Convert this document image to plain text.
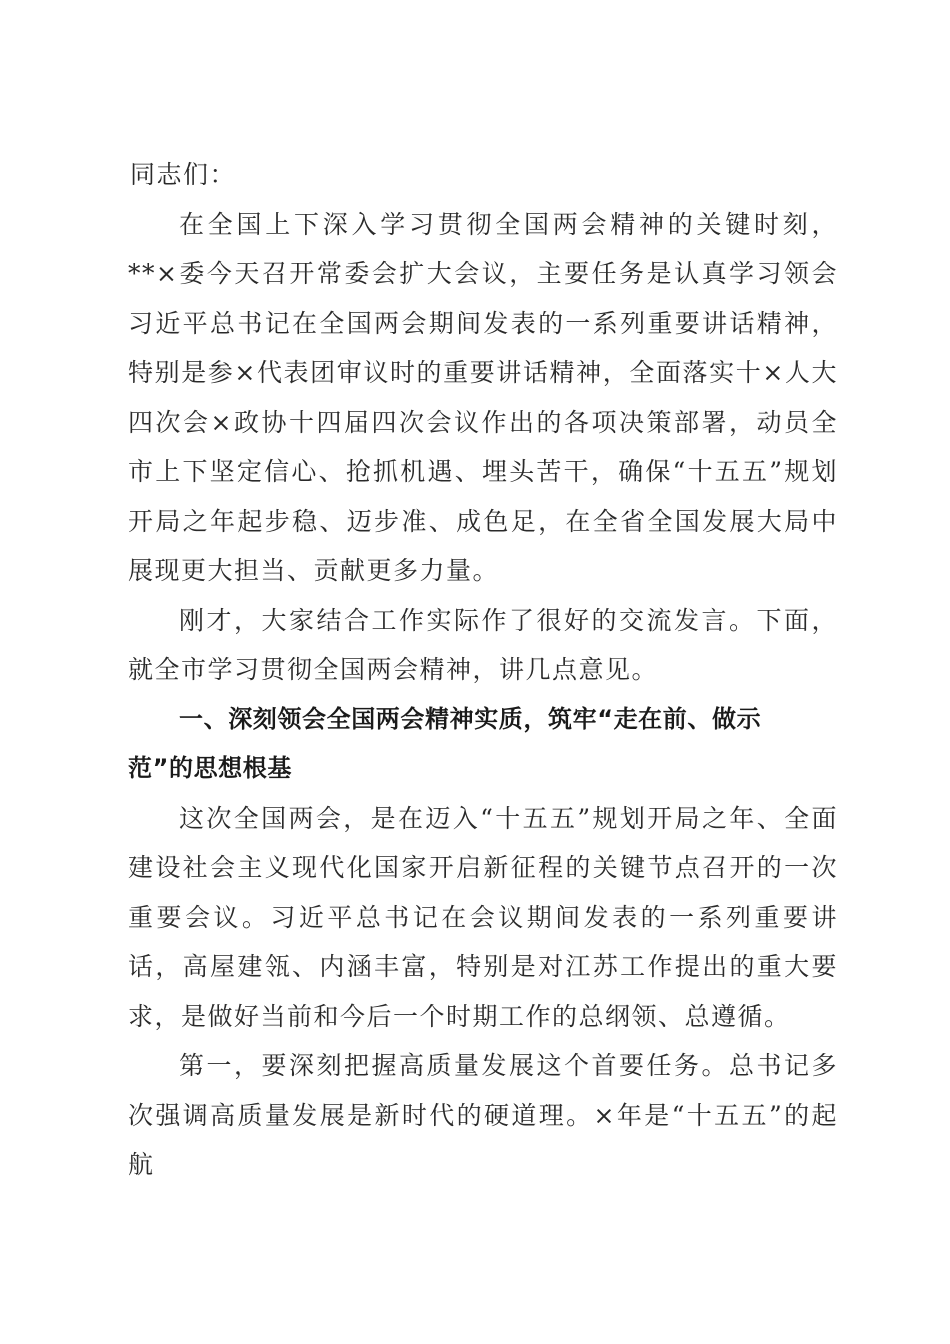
同志们：

在全国上下深入学习贯彻全国两会精神的关键时刻，**×委今天召开常委会扩大会议，主要任务是认真学习领会习近平总书记在全国两会期间发表的一系列重要讲话精神，特别是参×代表团审议时的重要讲话精神，全面落实十×人大四次会×政协十四届四次会议作出的各项决策部署，动员全市上下坚定信心、抢抓机遇、埋头苦干，确保“十五五”规划开局之年起步稳、迈步准、成色足，在全省全国发展大局中展现更大担当、贡献更多力量。

刚才，大家结合工作实际作了很好的交流发言。下面，就全市学习贯彻全国两会精神，讲几点意见。

一、深刻领会全国两会精神实质，筑牢“走在前、做示范”的思想根基

这次全国两会，是在迈入“十五五”规划开局之年、全面建设社会主义现代化国家开启新征程的关键节点召开的一次重要会议。习近平总书记在会议期间发表的一系列重要讲话，高屋建瓴、内涵丰富，特别是对江苏工作提出的重大要求，是做好当前和今后一个时期工作的总纲领、总遵循。

第一，要深刻把握高质量发展这个首要任务。总书记多次强调高质量发展是新时代的硬道理。×年是“十五五”的起航
